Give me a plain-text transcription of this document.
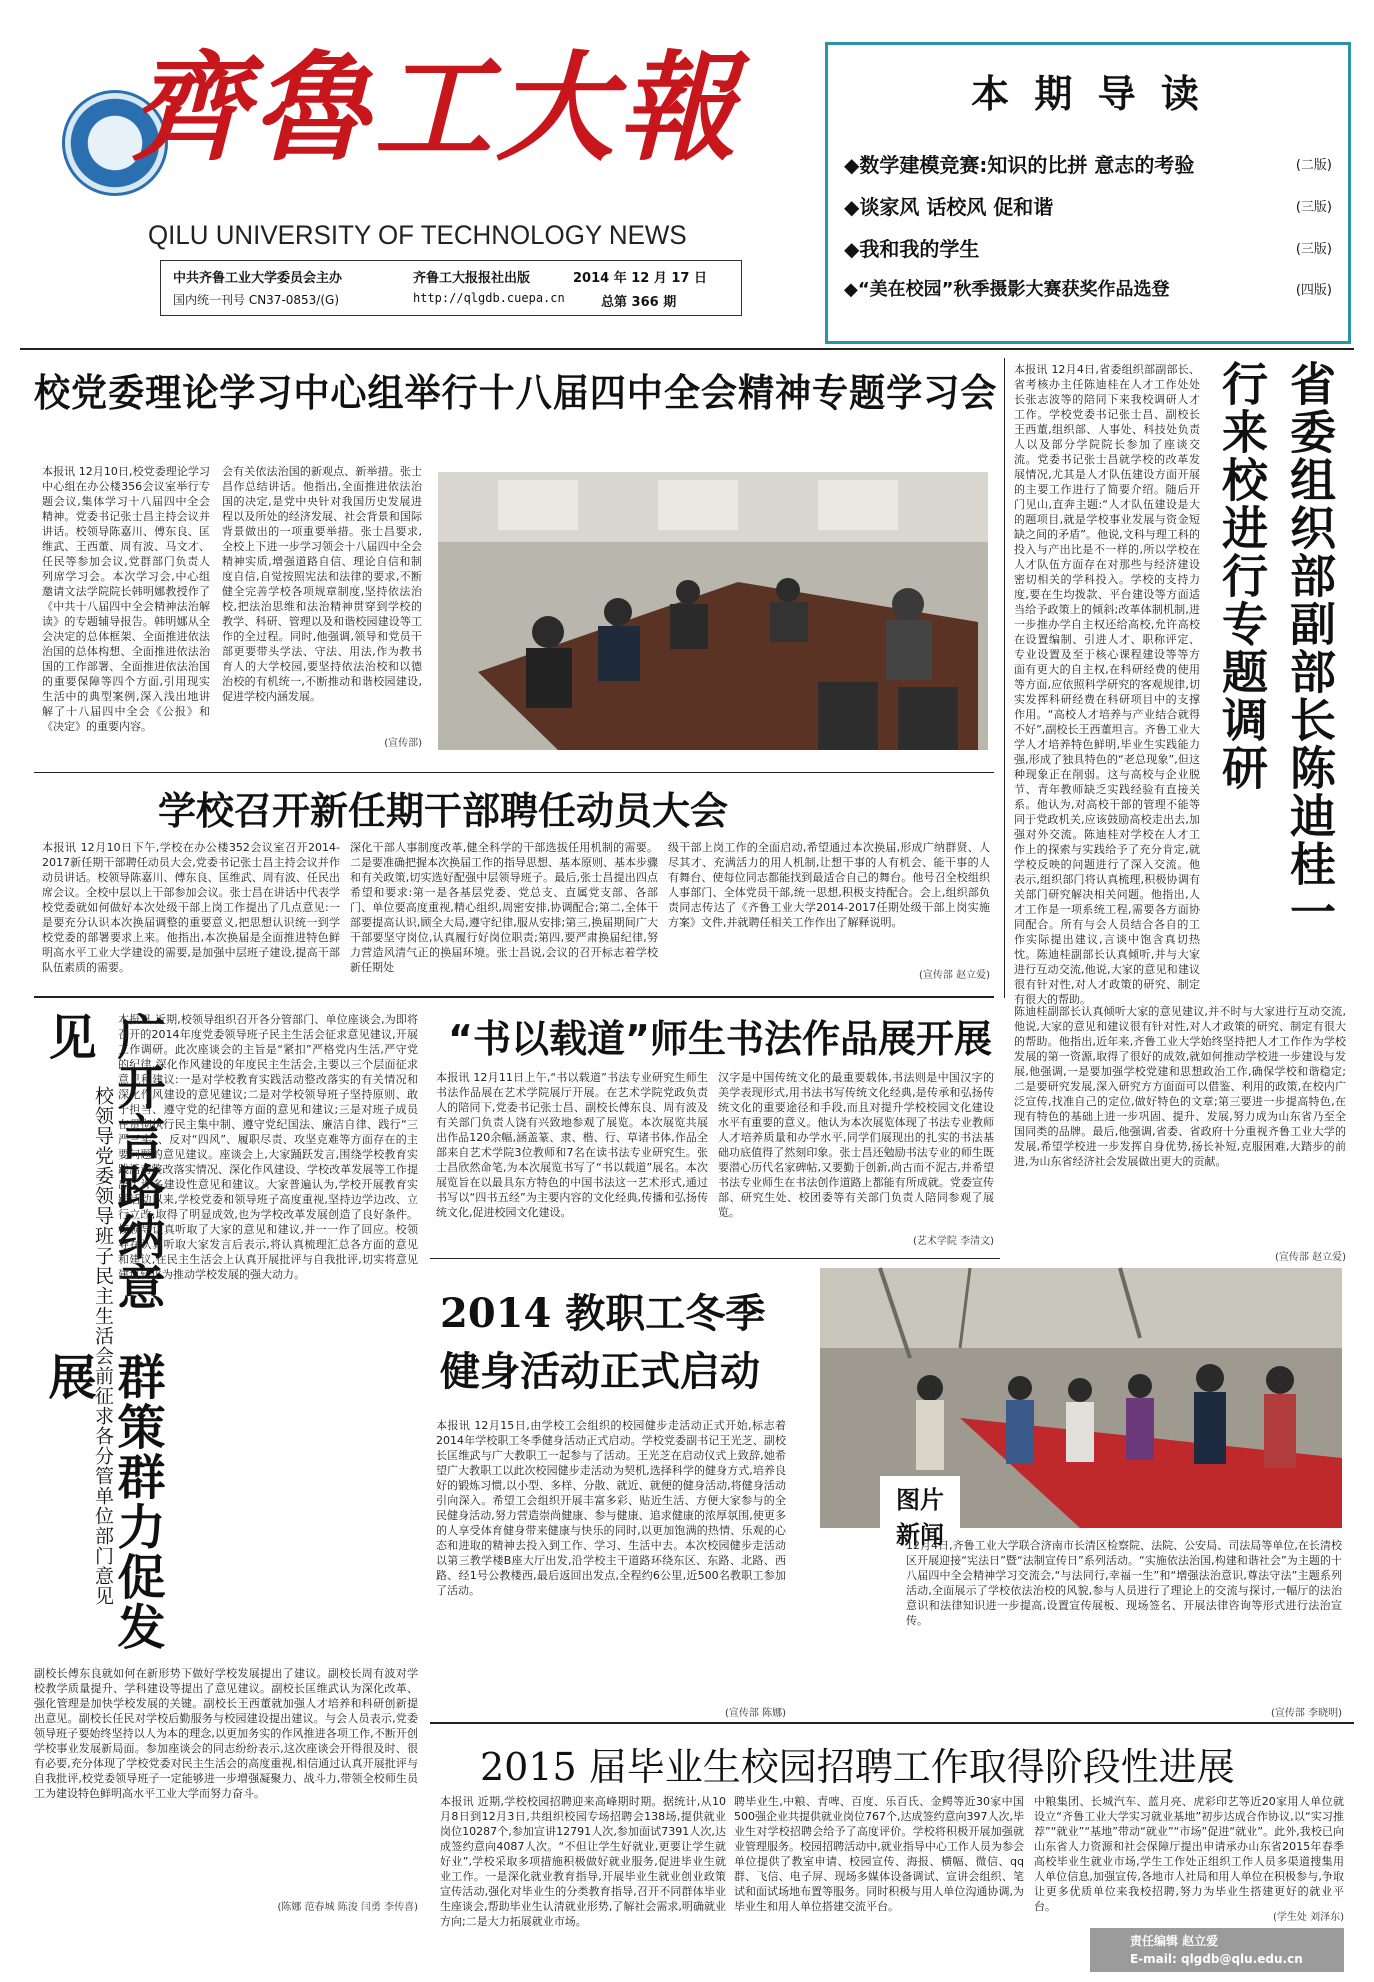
齊魯工大報
QILU UNIVERSITY OF TECHNOLOGY NEWS
中共齐鲁工业大学委员会主办	齐鲁工大报报社出版	2014 年 12 月 17 日
国内统一刊号 CN37-0853/(G)	http://qlgdb.cuepa.cn	总第 366 期
本 期 导 读
◆数学建模竞赛:知识的比拼 意志的考验	(二版)
◆谈家风 话校风 促和谐	(三版)
◆我和我的学生	(三版)
◆“美在校园”秋季摄影大赛获奖作品选登	(四版)
校党委理论学习中心组举行十八届四中全会精神专题学习会
本报讯 12月10日,校党委理论学习中心组在办公楼356会议室举行专题会议,集体学习十八届四中全会精神。党委书记张士昌主持会议并讲话。校领导陈嘉川、傅东良、匡维武、王西董、周有波、马文才、任民等参加会议,党群部门负责人列席学习会。本次学习会,中心组邀请文法学院院长韩明娜教授作了《中共十八届四中全会精神法治解读》的专题辅导报告。韩明娜从全会决定的总体框架、全面推进依法治国的总体构想、全面推进依法治国的工作部署、全面推进依法治国的重要保障等四个方面,引用现实生活中的典型案例,深入浅出地讲解了十八届四中全会《公报》和《决定》的重要内容。
会有关依法治国的新观点、新举措。张士昌作总结讲话。他指出,全面推进依法治国的决定,是党中央针对我国历史发展进程以及所处的经济发展、社会背景和国际背景做出的一项重要举措。张士昌要求,全校上下进一步学习领会十八届四中全会精神实质,增强道路自信、理论自信和制度自信,自觉按照宪法和法律的要求,不断健全完善学校各项规章制度,坚持依法治校,把法治思维和法治精神贯穿到学校的教学、科研、管理以及和谐校园建设等工作的全过程。同时,他强调,领导和党员干部更要带头学法、守法、用法,作为教书育人的大学校园,要坚持依法治校和以德治校的有机统一,不断推动和谐校园建设,促进学校内涵发展。
(宣传部)
学校召开新任期干部聘任动员大会
本报讯 12月10日下午,学校在办公楼352会议室召开2014-2017新任期干部聘任动员大会,党委书记张士昌主持会议并作动员讲话。校领导陈嘉川、傅东良、匡维武、周有波、任民出席会议。全校中层以上干部参加会议。张士昌在讲话中代表学校党委就如何做好本次处级干部上岗工作提出了几点意见:一是要充分认识本次换届调整的重要意义,把思想认识统一到学校党委的部署要求上来。他指出,本次换届是全面推进特色鲜明高水平工业大学建设的需要,是加强中层班子建设,提高干部队伍素质的需要。
深化干部人事制度改革,健全科学的干部选拔任用机制的需要。二是要准确把握本次换届工作的指导思想、基本原则、基本步骤和有关政策,切实选好配强中层领导班子。最后,张士昌提出四点希望和要求:第一是各基层党委、党总支、直属党支部、各部门、单位要高度重视,精心组织,周密安排,协调配合;第二,全体干部要提高认识,顾全大局,遵守纪律,服从安排;第三,换届期间广大干部要坚守岗位,认真履行好岗位职责;第四,要严肃换届纪律,努力营造风清气正的换届环境。张士昌说,会议的召开标志着学校新任期处
级干部上岗工作的全面启动,希望通过本次换届,形成广纳群贤、人尽其才、充满活力的用人机制,让想干事的人有机会、能干事的人有舞台、使每位同志都能找到最适合自己的舞台。他号召全校组织人事部门、全体党员干部,统一思想,积极支持配合。会上,组织部负责同志传达了《齐鲁工业大学2014-2017任期处级干部上岗实施方案》文件,并就聘任相关工作作出了解释说明。
(宣传部 赵立爱)
广开言路纳意见
群策群力促发展
校领导党委领导班子民主生活会前征求各分管单位部门意见
本报讯 近期,校领导组织召开各分管部门、单位座谈会,为即将召开的2014年度党委领导班子民主生活会征求意见建议,开展工作调研。此次座谈会的主旨是“紧扣”严格党内生活,严守党的纪律,深化作风建设的年度民主生活会,主要以三个层面征求意见和建议:一是对学校教育实践活动整改落实的有关情况和深化作风建设的意见建议;二是对学校领导班子坚持原则、敢于担当、遵守党的纪律等方面的意见和建议;三是对班子成员在贯彻执行民主集中制、遵守党纪国法、廉洁自律、践行“三严三实”、反对“四风”、履职尽责、攻坚克难等方面存在的主要问题的意见建议。座谈会上,大家踊跃发言,围绕学校教育实践活动整改落实情况、深化作风建设、学校改革发展等工作提出了许多建设性意见和建议。大家普遍认为,学校开展教育实践活动以来,学校党委和领导班子高度重视,坚持边学边改、立行立改,取得了明显成效,也为学校改革发展创造了良好条件。校领导认真听取了大家的意见和建议,并一一作了回应。校领导在认真听取大家发言后表示,将认真梳理汇总各方面的意见和建议,在民主生活会上认真开展批评与自我批评,切实将意见建议转化为推动学校发展的强大动力。
副校长傅东良就如何在新形势下做好学校发展提出了建议。副校长周有波对学校教学质量提升、学科建设等提出了意见建议。副校长匡维武认为深化改革、强化管理是加快学校发展的关键。副校长王西董就加强人才培养和科研创新提出意见。副校长任民对学校后勤服务与校园建设提出建议。与会人员表示,党委领导班子要始终坚持以人为本的理念,以更加务实的作风推进各项工作,不断开创学校事业发展新局面。参加座谈会的同志纷纷表示,这次座谈会开得很及时、很有必要,充分体现了学校党委对民主生活会的高度重视,相信通过认真开展批评与自我批评,校党委领导班子一定能够进一步增强凝聚力、战斗力,带领全校师生员工为建设特色鲜明高水平工业大学而努力奋斗。
(陈娜 范春城 陈浚 闫勇 李传喜)
“书以载道”师生书法作品展开展
本报讯 12月11日上午,“书以载道”书法专业研究生师生书法作品展在艺术学院展厅开展。在艺术学院党政负责人的陪同下,党委书记张士昌、副校长傅东良、周有波及有关部门负责人饶有兴致地参观了展览。本次展览共展出作品120余幅,涵盖篆、隶、楷、行、草诸书体,作品全部来自艺术学院3位教师和7名在读书法专业研究生。张士昌欣然命笔,为本次展览书写了“书以载道”展名。本次展览旨在以最具东方特色的中国书法这一艺术形式,通过书写以“四书五经”为主要内容的文化经典,传播和弘扬传统文化,促进校园文化建设。
汉字是中国传统文化的最重要载体,书法则是中国汉字的美学表现形式,用书法书写传统文化经典,是传承和弘扬传统文化的重要途径和手段,而且对提升学校校园文化建设水平有重要的意义。他认为本次展览体现了书法专业教师人才培养质量和办学水平,同学们展现出的扎实的书法基础功底值得了然刻印象。张士昌还勉励书法专业的师生既要潜心历代名家碑帖,又要勤于创新,尚古而不泥古,并希望书法专业师生在书法创作道路上都能有所成就。党委宣传部、研究生处、校团委等有关部门负责人陪同参观了展览。
(艺术学院 李清文)
2014 教职工冬季
健身活动正式启动
本报讯 12月15日,由学校工会组织的校园健步走活动正式开始,标志着2014年学校职工冬季健身活动正式启动。学校党委副书记王光芝、副校长匡维武与广大教职工一起参与了活动。王光芝在启动仪式上致辞,她希望广大教职工以此次校园健步走活动为契机,选择科学的健身方式,培养良好的锻炼习惯,以小型、多样、分散、就近、就便的健身活动,将健身活动引向深入。希望工会组织开展丰富多彩、贴近生活、方便大家参与的全民健身活动,努力营造崇尚健康、参与健康、追求健康的浓厚氛围,使更多的人享受体育健身带来健康与快乐的同时,以更加饱满的热情、乐观的心态和进取的精神去投入到工作、学习、生活中去。本次校园健步走活动以第三教学楼B座大厅出发,沿学校主干道路环绕东区、东路、北路、西路、经1号公教楼西,最后返回出发点,全程约6公里,近500名教职工参加了活动。
(宣传部 陈娜)
图片
新闻
12月4日,齐鲁工业大学联合济南市长清区检察院、法院、公安局、司法局等单位,在长清校区开展迎接“宪法日”暨“法制宣传日”系列活动。“实施依法治国,构建和谐社会”为主题的十八届四中全会精神学习交流会,“与法同行,幸福一生”和“增强法治意识,尊法守法”主题系列活动,全面展示了学校依法治校的风貌,参与人员进行了理论上的交流与探讨,一幅厅的法治意识和法律知识进一步提高,设置宣传展板、现场签名、开展法律咨询等形式进行法治宣传。
(宣传部 李晓明)
本报讯 12月4日,省委组织部副部长、省考核办主任陈迪桂在人才工作处处长张志波等的陪同下来我校调研人才工作。学校党委书记张士昌、副校长王西董,组织部、人事处、科技处负责人以及部分学院院长参加了座谈交流。党委书记张士昌就学校的改革发展情况,尤其是人才队伍建设方面开展的主要工作进行了简要介绍。随后开门见山,直奔主题:“人才队伍建设是大的题项目,就是学校事业发展与资金短缺之间的矛盾”。他说,文科与理工科的投入与产出比是不一样的,所以学校在人才队伍方面存在对那些与经济建设密切相关的学科投入。学校的支持力度,要在生均拨款、平台建设等方面适当给予政策上的倾斜;改革体制机制,进一步推办学自主权还给高校,允许高校在设置编制、引进人才、职称评定、专业设置及至于核心课程建设等等方面有更大的自主权,在科研经费的使用等方面,应依照科学研究的客观规律,切实发挥科研经费在科研项目中的支撑作用。“高校人才培养与产业结合就得不好”,副校长王西董坦言。齐鲁工业大学人才培养特色鲜明,毕业生实践能力强,形成了独具特色的“老总现象”,但这种现象正在削弱。这与高校与企业脱节、青年教师缺乏实践经验有直接关系。他认为,对高校干部的管理不能等同于党政机关,应该鼓励高校走出去,加强对外交流。陈迪桂对学校在人才工作上的探索与实践给予了充分肯定,就学校反映的问题进行了深入交流。他表示,组织部门将认真梳理,积极协调有关部门研究解决相关问题。他指出,人才工作是一项系统工程,需要各方面协同配合。所有与会人员结合各自的工作实际提出建议,言谈中饱含真切热忱。陈迪桂副部长认真倾听,并与大家进行互动交流,他说,大家的意见和建议很有针对性,对人才政策的研究、制定有很大的帮助。
省委组织部副部长陈迪桂一行来校进行专题调研
陈迪桂副部长认真倾听大家的意见建议,并不时与大家进行互动交流,他说,大家的意见和建议很有针对性,对人才政策的研究、制定有很大的帮助。他指出,近年来,齐鲁工业大学始终坚持把人才工作作为学校发展的第一资源,取得了很好的成效,就如何推动学校进一步建设与发展,他强调,一是要加强学校党建和思想政治工作,确保学校和谐稳定;二是要研究发展,深入研究方方面面可以借鉴、利用的政策,在校内广泛宣传,找准自己的定位,做好特色的文章;第三要进一步提高特色,在现有特色的基础上进一步巩固、提升、发展,努力成为山东省乃至全国同类的品牌。最后,他强调,省委、省政府十分重视齐鲁工业大学的发展,希望学校进一步发挥自身优势,扬长补短,克服困难,大踏步的前进,为山东省经济社会发展做出更大的贡献。
(宣传部 赵立爱)
2015 届毕业生校园招聘工作取得阶段性进展
本报讯 近期,学校校园招聘迎来高峰期时期。据统计,从10月8日到12月3日,共组织校园专场招聘会138场,提供就业岗位10287个,参加宣讲12791人次,参加面试7391人次,达成签约意向4087人次。“不但让学生好就业,更要让学生就好业”,学校采取多项措施积极做好就业服务,促进毕业生就业工作。一是深化就业教育指导,开展毕业生就业创业政策宣传活动,强化对毕业生的分类教育指导,召开不同群体毕业生座谈会,帮助毕业生认清就业形势,了解社会需求,明确就业方向;二是大力拓展就业市场。
聘毕业生,中粮、青啤、百度、乐百氏、金鳄等近30家中国500强企业共提供就业岗位767个,达成签约意向397人次,毕业生对学校招聘会给予了高度评价。学校将积极开展加强就业管理服务。校园招聘活动中,就业指导中心工作人员为参会单位提供了教室申请、校园宣传、海报、横幅、微信、qq群、飞信、电子屏、现场多媒体设备调试、宣讲会组织、笔试和面试场地布置等服务。同时积极与用人单位沟通协调,为毕业生和用人单位搭建交流平台。
中粮集团、长城汽车、蓝月亮、虎彩印艺等近20家用人单位就设立“齐鲁工业大学实习就业基地”初步达成合作协议,以“实习推荐”“就业”“基地”带动“就业”“市场”促进“就业”。此外,我校已向山东省人力资源和社会保障厅提出申请承办山东省2015年春季高校毕业生就业市场,学生工作处正组织工作人员多渠道搜集用人单位信息,加强宣传,各地市人社局和用人单位在积极参与,争取让更多优质单位来我校招聘,努力为毕业生搭建更好的就业平台。
(学生处 刘泽东)
责任编辑 赵立爱
E-mail: qlgdb@qlu.edu.cn
